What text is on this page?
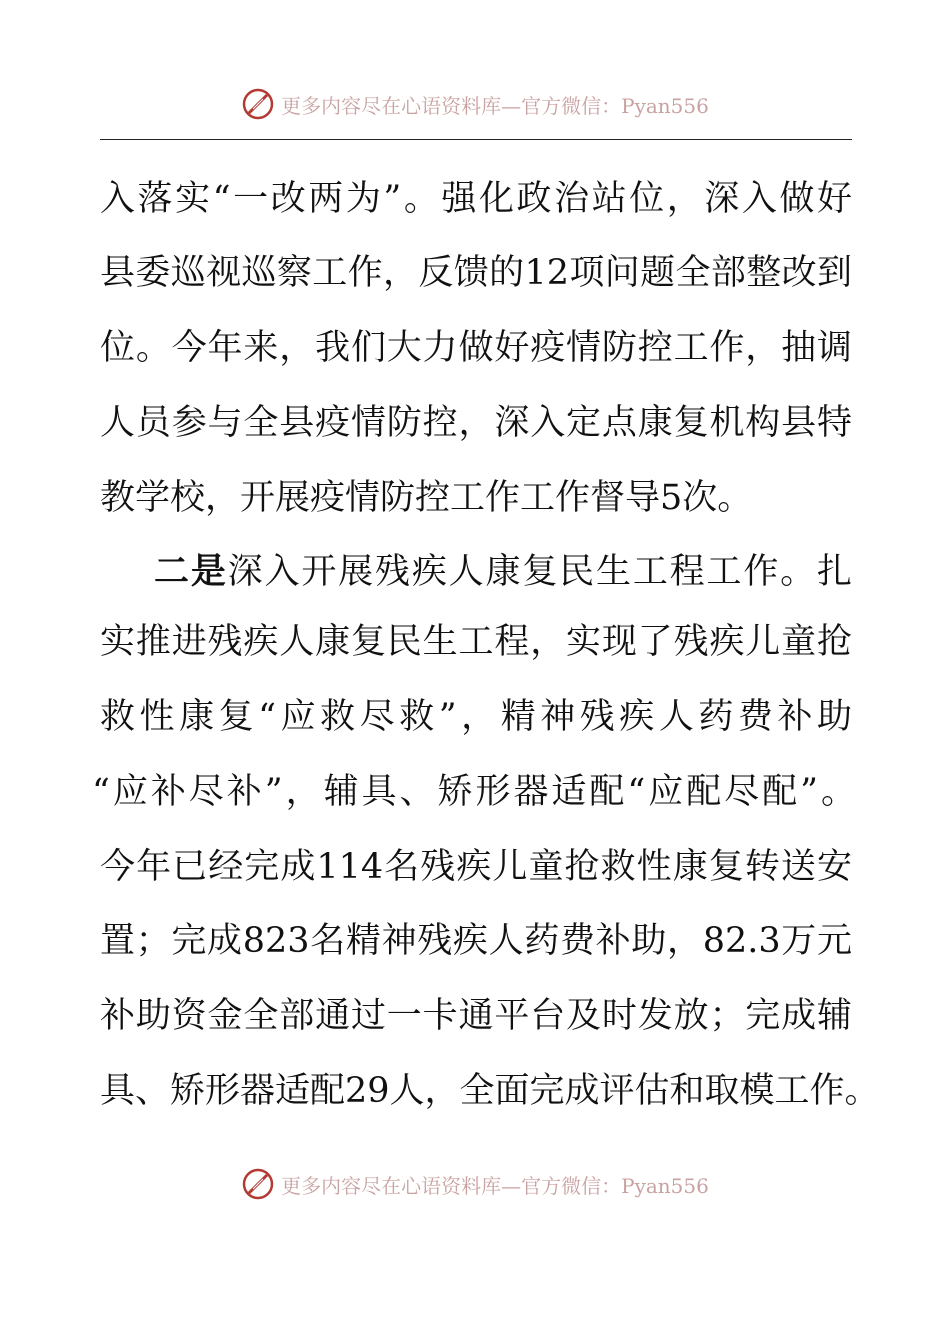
更多内容尽在心语资料库—官方微信：Pyan556
入落实“一改两为”。强化政治站位，深入做好
县委巡视巡察工作，反馈的12项问题全部整改到
位。今年来，我们大力做好疫情防控工作，抽调
人员参与全县疫情防控，深入定点康复机构县特
教学校，开展疫情防控工作工作督导5次。
二是深入开展残疾人康复民生工程工作。扎
实推进残疾人康复民生工程，实现了残疾儿童抢
救性康复“应救尽救”，精神残疾人药费补助
“应补尽补”，辅具、矫形器适配“应配尽配”。
今年已经完成114名残疾儿童抢救性康复转送安
置；完成823名精神残疾人药费补助，82.3万元
补助资金全部通过一卡通平台及时发放；完成辅
具、矫形器适配29人，全面完成评估和取模工作。
更多内容尽在心语资料库—官方微信：Pyan556
